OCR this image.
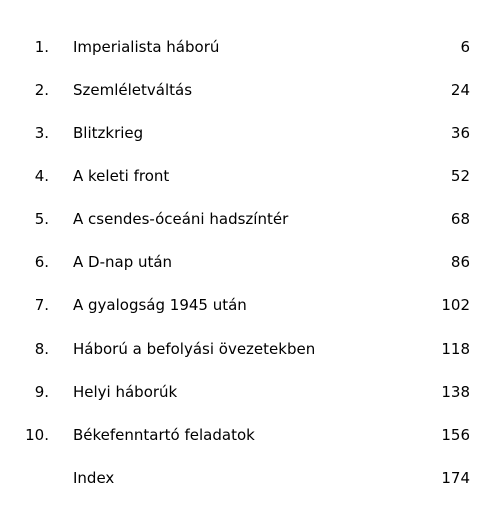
1. Imperialista háború	6
2. Szemléletváltás	24
3. Blitzkrieg	36
4. A keleti front	52
5. A csendes-óceáni hadszíntér	68
6. A D-nap után	86
7. A gyalogság 1945 után	102
8. Háború a befolyási övezetekben	118
9. Helyi háborúk	138
10. Békefenntartó feladatok	156
Index	174
